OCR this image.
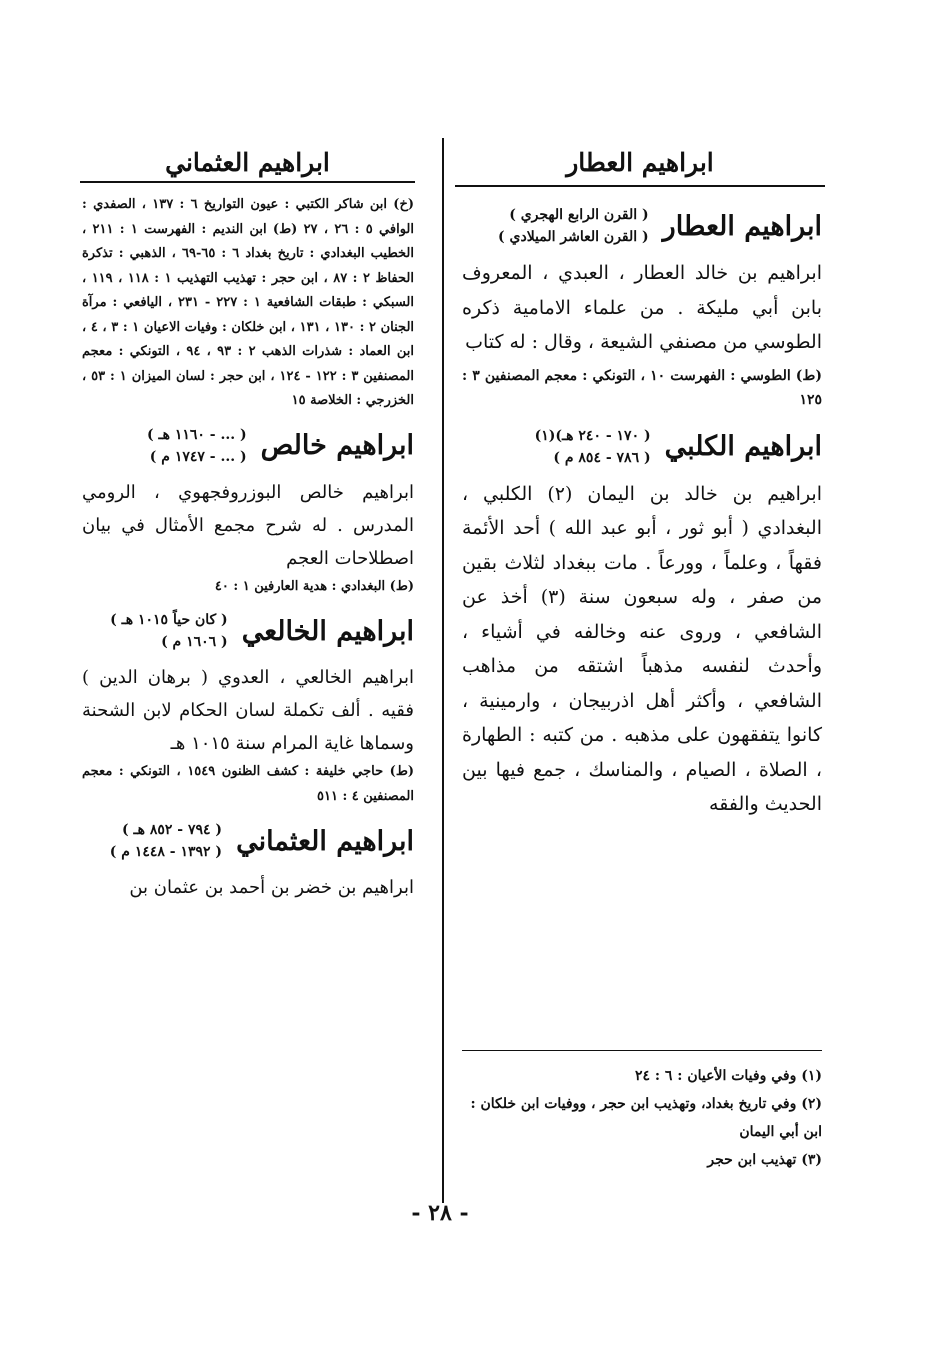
ابراهيم العطار
ابراهيم العثماني
ابراهيم العطار
( القرن الرابع الهجري )
( القرن العاشر الميلادي )
ابراهيم بن خالد العطار ، العبدي ، المعروف بابن أبي مليكة . من علماء الامامية ذكره الطوسي من مصنفي الشيعة ، وقال : له كتاب
(ط) الطوسي : الفهرست ١٠ ، التونكي : معجم المصنفين ٣ : ١٢٥
ابراهيم الكلبي
( ١٧٠ - ٢٤٠ هـ)(١)
( ٧٨٦ - ٨٥٤ م )
ابراهيم بن خالد بن اليمان (٢) الكلبي ، البغدادي ( أبو ثور ، أبو عبد الله ) أحد الأئمة فقهاً ، وعلماً ، وورعاً . مات ببغداد لثلاث بقين من صفر ، وله سبعون سنة (٣) أخذ عن الشافعي ، وروى عنه وخالفه في أشياء ، وأحدث لنفسه مذهباً اشتقه من مذاهب الشافعي ، وأكثر أهل اذربيجان ، وارمينية ، كانوا يتفقهون على مذهبه . من كتبه : الطهارة ، الصلاة ، الصيام ، والمناسك ، جمع فيها بين الحديث والفقه
(١) وفي وفيات الأعيان : ٦ : ٢٤
(٢) وفي تاريخ بغداد، وتهذيب ابن حجر ، ووفيات ابن خلكان : ابن أبي اليمان
(٣) تهذيب ابن حجر
(خ) ابن شاكر الكتبي : عيون التواريخ ٦ : ١٣٧ ، الصفدي : الوافي ٥ : ٢٦ ، ٢٧ (ط) ابن النديم : الفهرست ١ : ٢١١ ، الخطيب البغدادي : تاريخ بغداد ٦ : ٦٥-٦٩ ، الذهبي : تذكرة الحفاظ ٢ : ٨٧ ، ابن حجر : تهذيب التهذيب ١ : ١١٨ ، ١١٩ ، السبكي : طبقات الشافعية ١ : ٢٢٧ - ٢٣١ ، اليافعي : مرآة الجنان ٢ : ١٣٠ ، ١٣١ ، ابن خلكان : وفيات الاعيان ١ : ٣ ، ٤ ، ابن العماد : شذرات الذهب ٢ : ٩٣ ، ٩٤ ، التونكي : معجم المصنفين ٣ : ١٢٢ - ١٢٤ ، ابن حجر : لسان الميزان ١ : ٥٣ ، الخزرجي : الخلاصة ١٥
ابراهيم خالص
( ... - ١١٦٠ هـ )
( ... - ١٧٤٧ م )
ابراهيم خالص البوزروفجهوي ، الرومي المدرس . له شرح مجمع الأمثال في بيان اصطلاحات العجم
(ط) البغدادي : هدية العارفين ١ : ٤٠
ابراهيم الخالعي
( كان حياً ١٠١٥ هـ )
( ١٦٠٦ م )
ابراهيم الخالعي ، العدوي ( برهان الدين ) فقيه . ألف تكملة لسان الحكام لابن الشحنة وسماها غاية المرام سنة ١٠١٥ هـ
(ط) حاجي خليفة : كشف الظنون ١٥٤٩ ، التونكي : معجم المصنفين ٤ : ٥١١
ابراهيم العثماني
( ٧٩٤ - ٨٥٢ هـ )
( ١٣٩٢ - ١٤٤٨ م )
ابراهيم بن خضر بن أحمد بن عثمان بن
- ٢٨ -
